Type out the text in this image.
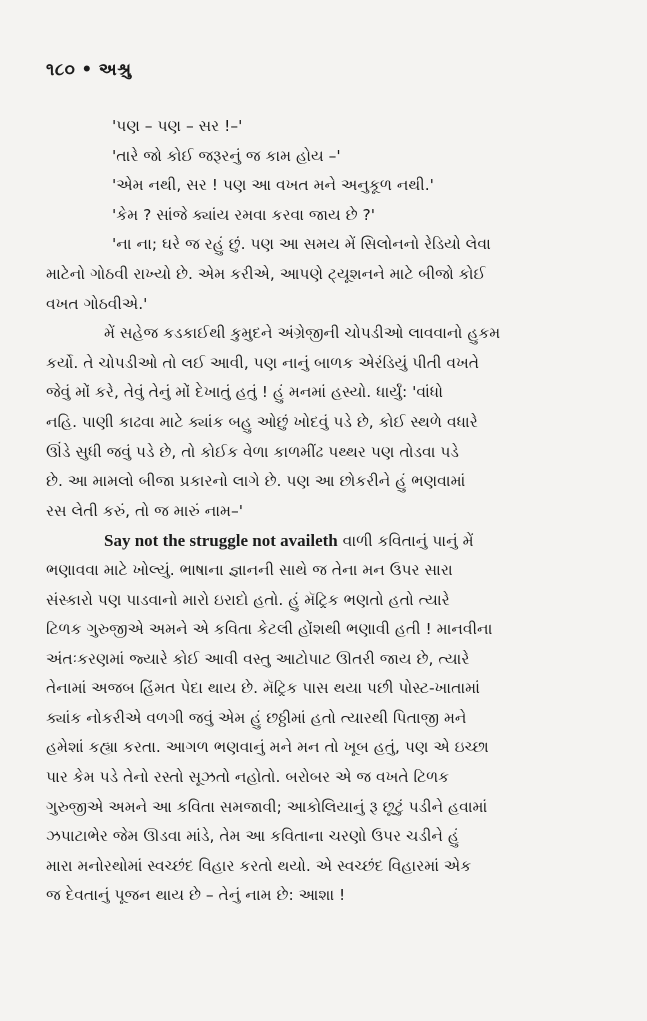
૧૮૦ • અશ્રુ
'પણ – પણ – સર !–'
'તારે જો કોઈ જરૂરનું જ કામ હોય –'
'એમ નથી, સર ! પણ આ વખત મને અનુકૂળ નથી.'
'કેમ ? સાંજે ક્યાંય રમવા કરવા જાય છે ?'
'ના ના; ઘરે જ રહું છું. પણ આ સમય મેં સિલોનનો રેડિયો લેવા
માટેનો ગોઠવી રાખ્યો છે. એમ કરીએ, આપણે ટ્યૂશનને માટે બીજો કોઈ
વખત ગોઠવીએ.'
મેં સહેજ કડકાઈથી કુમુદને અંગ્રેજીની ચોપડીઓ લાવવાનો હુકમ
કર્યો. તે ચોપડીઓ તો લઈ આવી, પણ નાનું બાળક એરંડિયું પીતી વખતે
જેવું મોં કરે, તેવું તેનું મોં દેખાતું હતું ! હું મનમાં હસ્યો. ધાર્યું: 'વાંધો
નહિ. પાણી કાઢવા માટે ક્યાંક બહુ ઓછું ખોદવું પડે છે, કોઈ સ્થળે વધારે
ઊંડે સુધી જવું પડે છે, તો કોઈક વેળા કાળમીંઢ પથ્થર પણ તોડવા પડે
છે. આ મામલો બીજા પ્રકારનો લાગે છે. પણ આ છોકરીને હું ભણવામાં
રસ લેતી કરું, તો જ મારું નામ–'
Say not the struggle not availeth વાળી કવિતાનું પાનું મેં
ભણાવવા માટે ખોલ્યું. ભાષાના જ્ઞાનની સાથે જ તેના મન ઉપર સારા
સંસ્કારો પણ પાડવાનો મારો ઇરાદો હતો. હું મૅટ્રિક ભણતો હતો ત્યારે
ટિળક ગુરુજીએ અમને એ કવિતા કેટલી હોંશથી ભણાવી હતી ! માનવીના
અંતઃકરણમાં જ્યારે કોઈ આવી વસ્તુ આટોપાટ ઊતરી જાય છે, ત્યારે
તેનામાં અજબ હિંમત પેદા થાય છે. મૅટ્રિક પાસ થયા પછી પોસ્ટ-ખાતામાં
ક્યાંક નોકરીએ વળગી જવું એમ હું છઠ્ઠીમાં હતો ત્યારથી પિતાજી મને
હમેશાં કહ્યા કરતા. આગળ ભણવાનું મને મન તો ખૂબ હતું, પણ એ ઇચ્છા
પાર કેમ પડે તેનો રસ્તો સૂઝતો નહોતો. બરોબર એ જ વખતે ટિળક
ગુરુજીએ અમને આ કવિતા સમજાવી; આકોલિયાનું રૂ છૂટું પડીને હવામાં
ઝપાટાભેર જેમ ઊડવા માંડે, તેમ આ કવિતાના ચરણો ઉપર ચડીને હું
મારા મનોરથોમાં સ્વચ્છંદ વિહાર કરતો થયો. એ સ્વચ્છંદ વિહારમાં એક
જ દેવતાનું પૂજન થાય છે – તેનું નામ છે: આશા !
